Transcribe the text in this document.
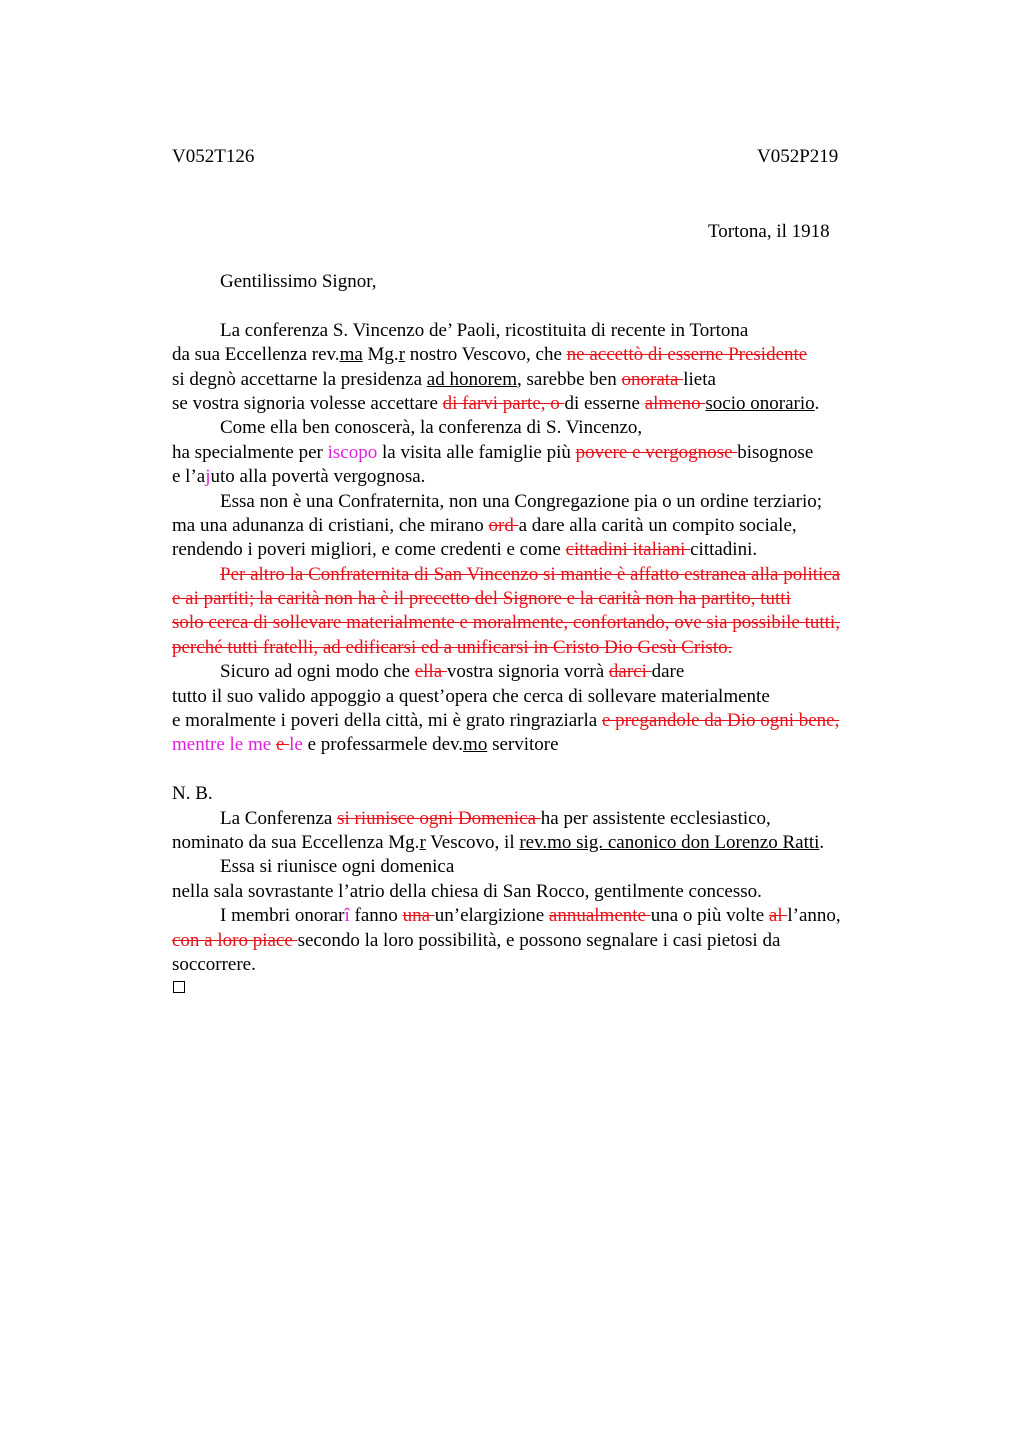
V052T126	V052P219
Tortona, il 1918
Gentilissimo Signor,
La conferenza S. Vincenzo de’ Paoli, ricostituita di recente in Tortona
da sua Eccellenza rev.ma Mg.r nostro Vescovo, che ne accettò di esserne Presidente
si degnò accettarne la presidenza ad honorem, sarebbe ben onorata lieta
se vostra signoria volesse accettare di farvi parte, o di esserne almeno socio onorario.
Come ella ben conoscerà, la conferenza di S. Vincenzo,
ha specialmente per iscopo la visita alle famiglie più povere e vergognose bisognose
e l’ajuto alla povertà vergognosa.
Essa non è una Confraternita, non una Congregazione pia o un ordine terziario;
ma una adunanza di cristiani, che mirano ord a dare alla carità un compito sociale,
rendendo i poveri migliori, e come credenti e come cittadini italiani cittadini.
Per altro la Confraternita di San Vincenzo si mantie è affatto estranea alla politica
e ai partiti; la carità non ha è il precetto del Signore e la carità non ha partito, tutti
solo cerca di sollevare materialmente e moralmente, confortando, ove sia possibile tutti,
perché tutti fratelli, ad edificarsi ed a unificarsi in Cristo Dio Gesù Cristo.
Sicuro ad ogni modo che ella vostra signoria vorrà darci dare
tutto il suo valido appoggio a quest’opera che cerca di sollevare materialmente
e moralmente i poveri della città, mi è grato ringraziarla e pregandole da Dio ogni bene,
mentre le me e le e professarmele dev.mo servitore
N. B.
La Conferenza si riunisce ogni Domenica ha per assistente ecclesiastico,
nominato da sua Eccellenza Mg.r Vescovo, il rev.mo sig. canonico don Lorenzo Ratti.
Essa si riunisce ogni domenica
nella sala sovrastante l’atrio della chiesa di San Rocco, gentilmente concesso.
I membri onorarî fanno una un’elargizione annualmente una o più volte al l’anno,
con a loro piace secondo la loro possibilità, e possono segnalare i casi pietosi da
soccorrere.
